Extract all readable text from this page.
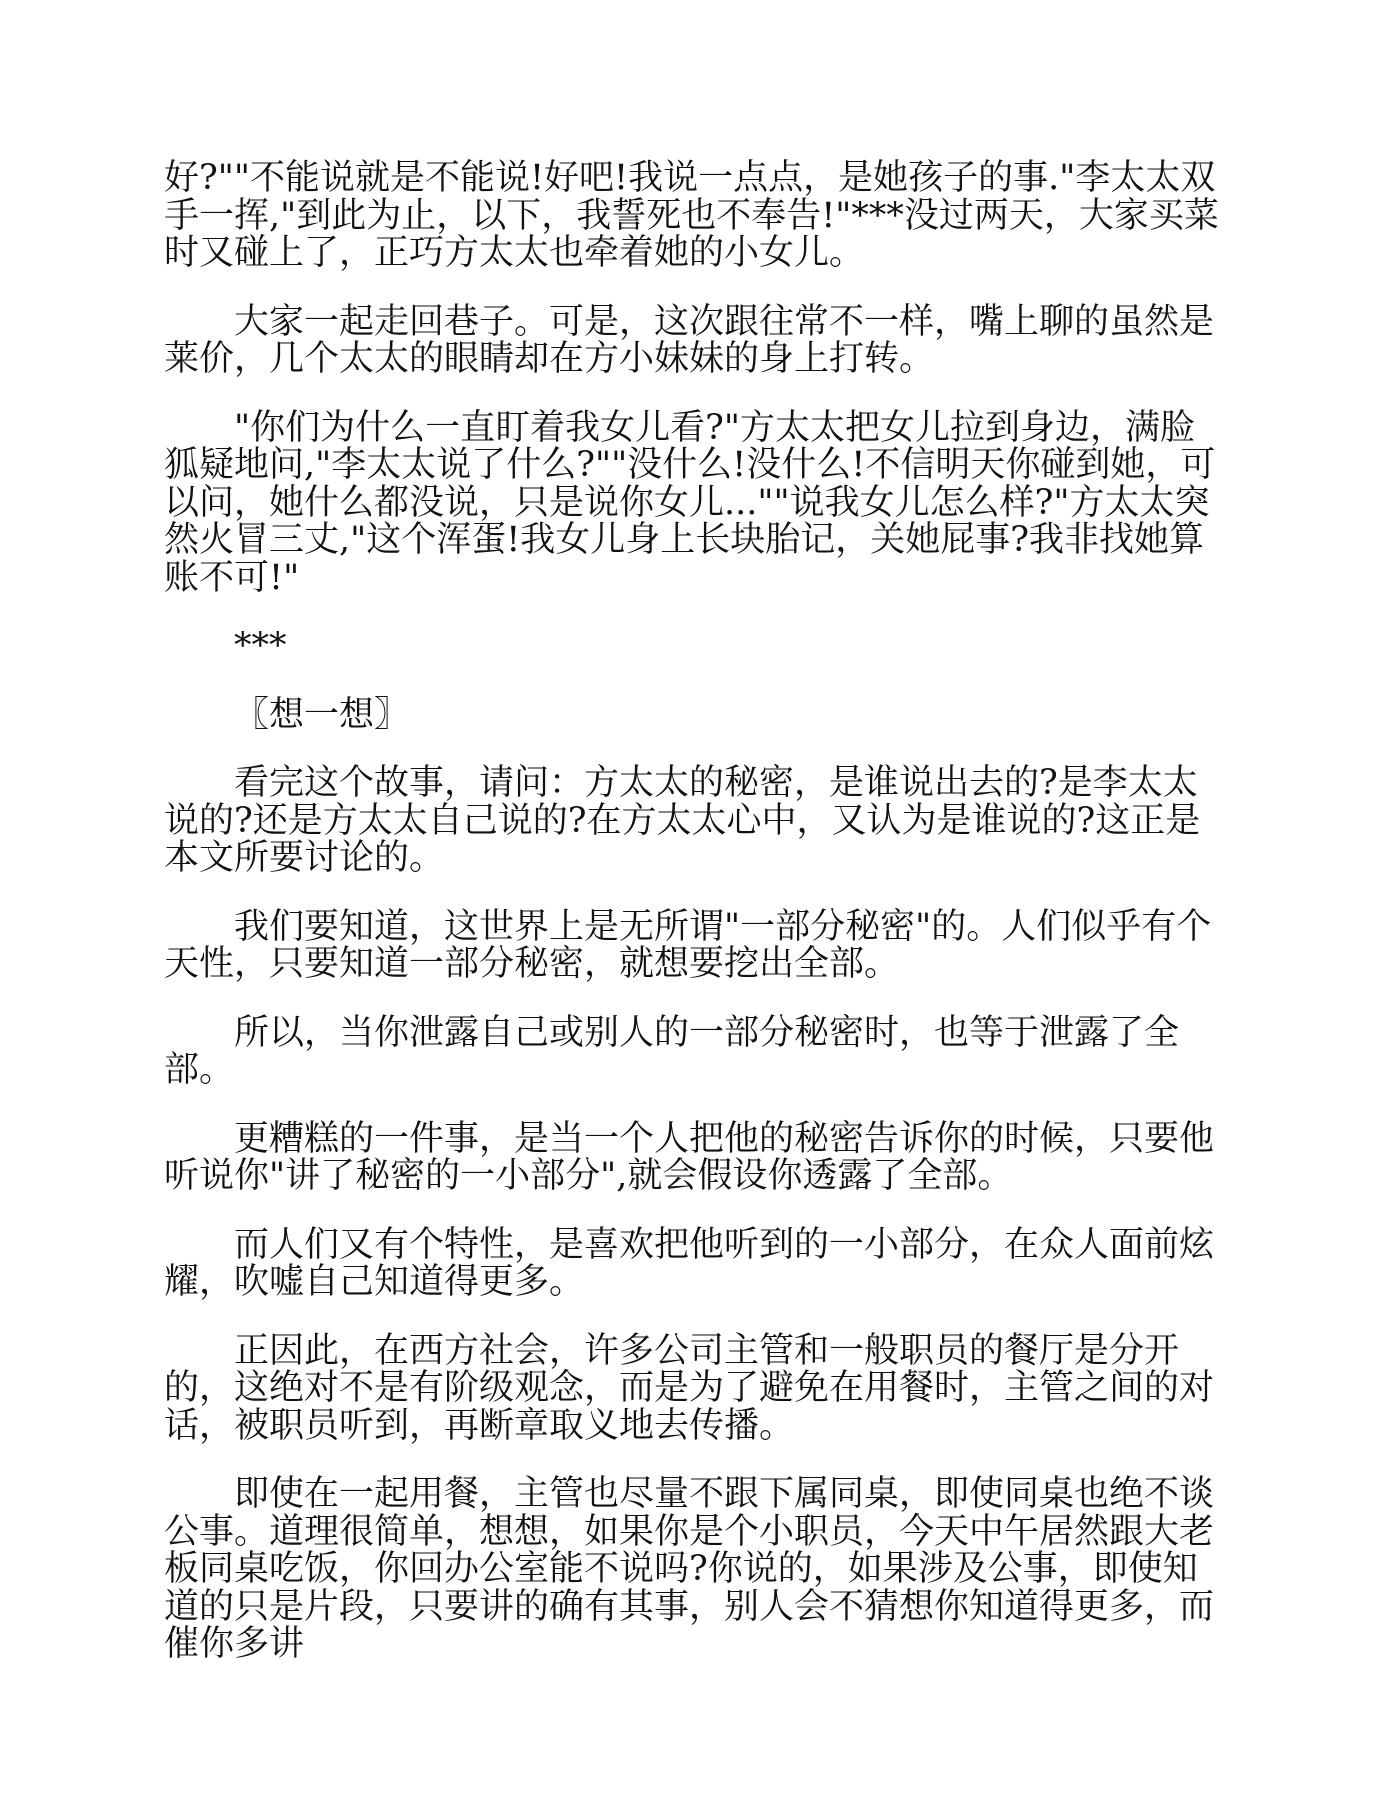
好?""不能说就是不能说!好吧!我说一点点，是她孩子的事."李太太双手一挥,"到此为止，以下，我誓死也不奉告!"***没过两天，大家买菜时又碰上了，正巧方太太也牵着她的小女儿。

大家一起走回巷子。可是，这次跟往常不一样，嘴上聊的虽然是莱价，几个太太的眼睛却在方小妹妹的身上打转。

"你们为什么一直盯着我女儿看?"方太太把女儿拉到身边，满脸狐疑地问,"李太太说了什么?""没什么!没什么!不信明天你碰到她，可以问，她什么都没说，只是说你女儿...""说我女儿怎么样?"方太太突然火冒三丈,"这个浑蛋!我女儿身上长块胎记，关她屁事?我非找她算账不可!"

***

〖想一想〗

看完这个故事，请问：方太太的秘密，是谁说出去的?是李太太说的?还是方太太自己说的?在方太太心中，又认为是谁说的?这正是本文所要讨论的。

我们要知道，这世界上是无所谓"一部分秘密"的。人们似乎有个天性，只要知道一部分秘密，就想要挖出全部。

所以，当你泄露自己或别人的一部分秘密时，也等于泄露了全部。

更糟糕的一件事，是当一个人把他的秘密告诉你的时候，只要他听说你"讲了秘密的一小部分",就会假设你透露了全部。

而人们又有个特性，是喜欢把他听到的一小部分，在众人面前炫耀，吹嘘自己知道得更多。

正因此，在西方社会，许多公司主管和一般职员的餐厅是分开的，这绝对不是有阶级观念，而是为了避免在用餐时，主管之间的对话，被职员听到，再断章取义地去传播。

即使在一起用餐，主管也尽量不跟下属同桌，即使同桌也绝不谈公事。道理很简单，想想，如果你是个小职员，今天中午居然跟大老板同桌吃饭，你回办公室能不说吗?你说的，如果涉及公事，即使知道的只是片段，只要讲的确有其事，别人会不猜想你知道得更多，而催你多讲
